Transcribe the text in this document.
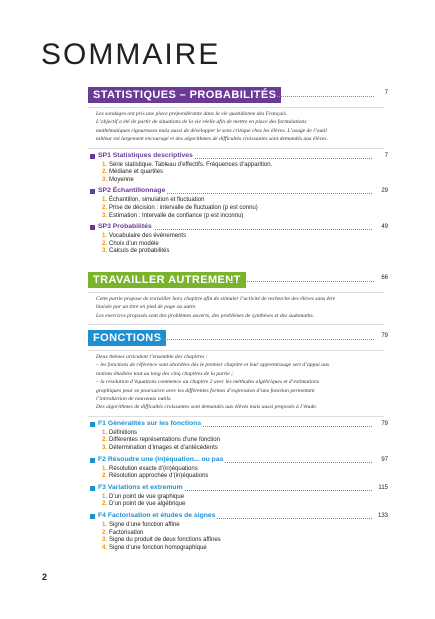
SOMMAIRE
STATISTIQUES – PROBABILITÉS	7
Les sondages ont pris une place prépondérante dans la vie quotidienne des Français.
L’objectif a été de partir de situations de la vie réelle afin de mettre en place des formulations
mathématiques rigoureuses mais aussi de développer le sens critique chez les élèves. L’usage de l’outil
tableur est largement encouragé et des algorithmes de difficultés croissantes sont demandés aux élèves.
SP1 Statistiques descriptives	7
1. Série statistique. Tableau d’effectifs. Fréquences d’apparition.
2. Médiane et quartiles
3. Moyenne
SP2 Échantillonnage	29
1. Échantillon, simulation et fluctuation
2. Prise de décision : intervalle de fluctuation (p est connu)
3. Estimation : Intervalle de confiance (p est inconnu)
SP3 Probabilités	49
1. Vocabulaire des événements
2. Choix d’un modèle
3. Calculs de probabilités
TRAVAILLER AUTREMENT	66
Cette partie propose de travailler hors chapitre afin de stimuler l’activité de recherche des élèves sans être
biaisée par un titre en pied de page ou autre.
Les exercices proposés sont des problèmes ouverts, des problèmes de synthèses et des sudomaths.
FONCTIONS	79
Deux thèmes articulent l’ensemble des chapitres :
– les fonctions de référence sont abordées dès le premier chapitre et leur apprentissage sert d’appui aux
notions étudiées tout au long des cinq chapitres de la partie ;
– la résolution d’équations commence au chapitre 2 avec les méthodes algébriques et d’estimations
graphiques pour se poursuivre avec les différentes formes d’expression d’une fonction permettant
l’introduction de nouveaux outils.
Des algorithmes de difficultés croissantes sont demandés aux élèves mais aussi proposés à l’étude.
F1 Généralités sur les fonctions	79
1. Définitions
2. Différentes représentations d’une fonction
3. Détermination d’images et d’antécédents
F2 Résoudre une (in)équation... ou pas	97
1. Résolution exacte d’(in)équations
2. Résolution approchée d’(in)équations
F3 Variations et extremum	115
1. D’un point de vue graphique
2. D’un point de vue algébrique
F4 Factorisation et études de signes	133
1. Signe d’une fonction affine
2. Factorisation
3. Signe du produit de deux fonctions affines
4. Signe d’une fonction homographique
2
